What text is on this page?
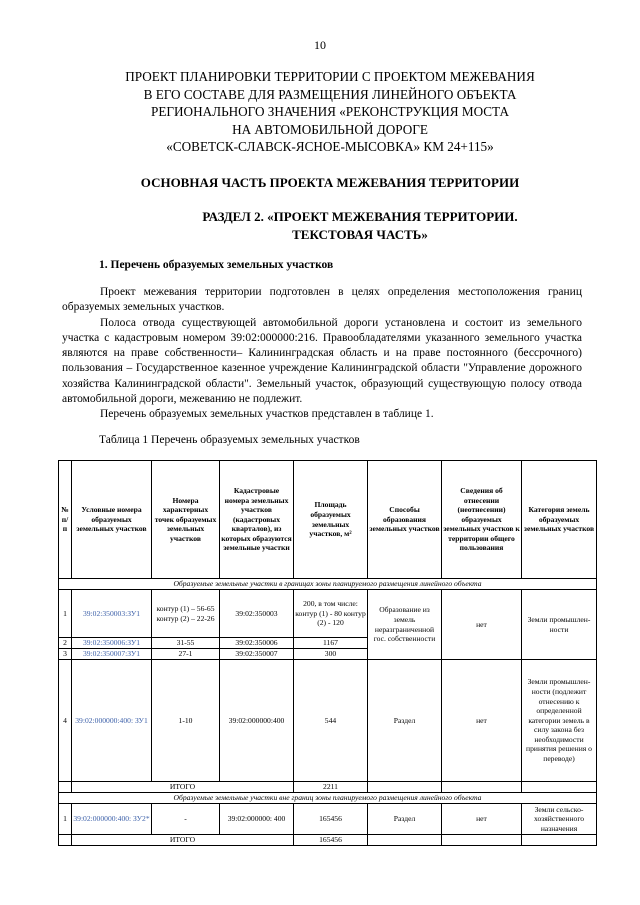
10
ПРОЕКТ ПЛАНИРОВКИ ТЕРРИТОРИИ С ПРОЕКТОМ МЕЖЕВАНИЯ
В ЕГО СОСТАВЕ ДЛЯ РАЗМЕЩЕНИЯ ЛИНЕЙНОГО ОБЪЕКТА
РЕГИОНАЛЬНОГО ЗНАЧЕНИЯ «РЕКОНСТРУКЦИЯ МОСТА
НА АВТОМОБИЛЬНОЙ ДОРОГЕ
«СОВЕТСК-СЛАВСК-ЯСНОЕ-МЫСОВКА» КМ 24+115»
ОСНОВНАЯ ЧАСТЬ ПРОЕКТА МЕЖЕВАНИЯ ТЕРРИТОРИИ
РАЗДЕЛ 2. «ПРОЕКТ МЕЖЕВАНИЯ ТЕРРИТОРИИ.
ТЕКСТОВАЯ ЧАСТЬ»
1. Перечень образуемых земельных участков

Проект межевания территории подготовлен в целях определения местоположения границ образуемых земельных участков.

Полоса отвода существующей автомобильной дороги установлена и состоит из земельного участка с кадастровым номером 39:02:000000:216. Правообладателями указанного земельного участка являются на праве собственности– Калининградская область и на праве постоянного (бессрочного) пользования – Государственное казенное учреждение Калининградской области "Управление дорожного хозяйства Калининградской области". Земельный участок, образующий существующую полосу отвода автомобильной дороги, межеванию не подлежит.

Перечень образуемых земельных участков представлен в таблице 1.

Таблица 1 Перечень образуемых земельных участков
№ п/п	Условные номера образуемых земельных участков	Номера характерных точек образуемых земельных участков	Кадастровые номера земельных участков (кадастровых кварталов), из которых образуются земельные участки	Площадь образуемых земельных участков, м²	Способы образования земельных участков	Сведения об отнесении (неотнесении) образуемых земельных участков к территории общего пользования	Категория земель образуемых земельных участков
Образуемые земельные участки в границах зоны планируемого размещения линейного объекта							
1	39:02:350003:ЗУ1	контур (1) – 56-65 контур (2) – 22-26	39:02:350003	200, в том числе: контур (1) - 80 контур (2) - 120	Образование из земель неразграниченной гос. собственности	нет	Земли промышлен-ности
2	39:02:350006:ЗУ1	31-55	39:02:350006	1167			
3	39:02:350007:ЗУ1	27-1	39:02:350007	300			
4	39:02:000000:400: ЗУ1	1-10	39:02:000000:400	544	Раздел	нет	Земли промышлен-ности (подлежит отнесению к определенной категории земель в силу закона без необходимости принятия решения о переводе)
	ИТОГО			2211			
Образуемые земельные участки вне границ зоны планируемого размещения линейного объекта							
1	39:02:000000:400: ЗУ2*	-	39:02:000000: 400	165456	Раздел	нет	Земли сельско-хозяйственного назначения
	ИТОГО			165456			
